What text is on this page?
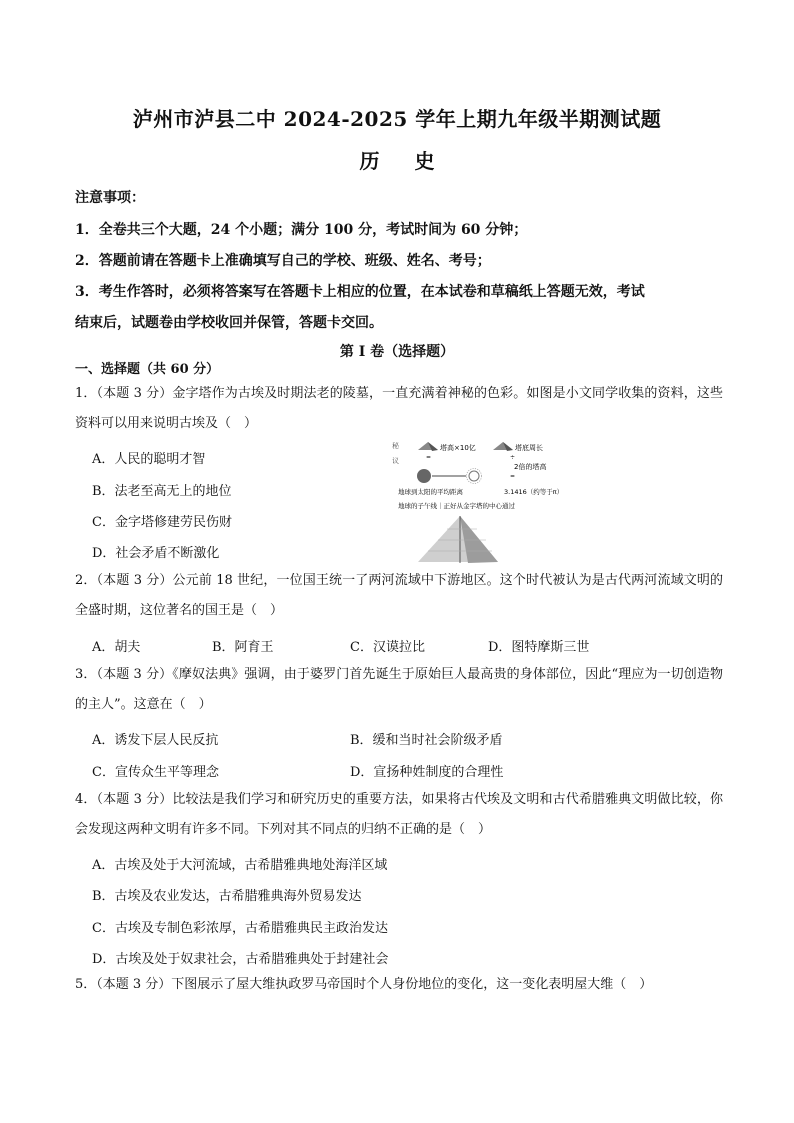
泸州市泸县二中 2024-2025 学年上期九年级半期测试题
历 史
注意事项：
1．全卷共三个大题，24 个小题；满分 100 分，考试时间为 60 分钟；
2．答题前请在答题卡上准确填写自己的学校、班级、姓名、考号；
3．考生作答时，必须将答案写在答题卡上相应的位置，在本试卷和草稿纸上答题无效，考试
结束后，试题卷由学校收回并保管，答题卡交回。
第 I 卷（选择题）
一、选择题（共 60 分）
1．（本题 3 分）金字塔作为古埃及时期法老的陵墓，一直充满着神秘的色彩。如图是小文同学收集的资料，这些资料可以用来说明古埃及（　）
A．人民的聪明才智
B．法老至高无上的地位
C．金字塔修建劳民伤财
D．社会矛盾不断激化
秘
议
塔高×10亿
=
塔底周长
÷
2倍的塔高
=
地球到太阳的平均距离	3.1416（约等于π）
地球的子午线｜正好从金字塔的中心通过
2．（本题 3 分）公元前 18 世纪，一位国王统一了两河流域中下游地区。这个时代被认为是古代两河流域文明的全盛时期，这位著名的国王是（　）
A．胡夫	B．阿育王	C．汉谟拉比	D．图特摩斯三世
3．（本题 3 分）《摩奴法典》强调，由于婆罗门首先诞生于原始巨人最高贵的身体部位，因此“理应为一切创造物的主人”。这意在（　）
A．诱发下层人民反抗	B．缓和当时社会阶级矛盾
C．宣传众生平等理念	D．宣扬种姓制度的合理性
4．（本题 3 分）比较法是我们学习和研究历史的重要方法，如果将古代埃及文明和古代希腊雅典文明做比较，你会发现这两种文明有许多不同。下列对其不同点的归纳不正确的是（　）
A．古埃及处于大河流域，古希腊雅典地处海洋区域
B．古埃及农业发达，古希腊雅典海外贸易发达
C．古埃及专制色彩浓厚，古希腊雅典民主政治发达
D．古埃及处于奴隶社会，古希腊雅典处于封建社会
5．（本题 3 分）下图展示了屋大维执政罗马帝国时个人身份地位的变化，这一变化表明屋大维（　）
